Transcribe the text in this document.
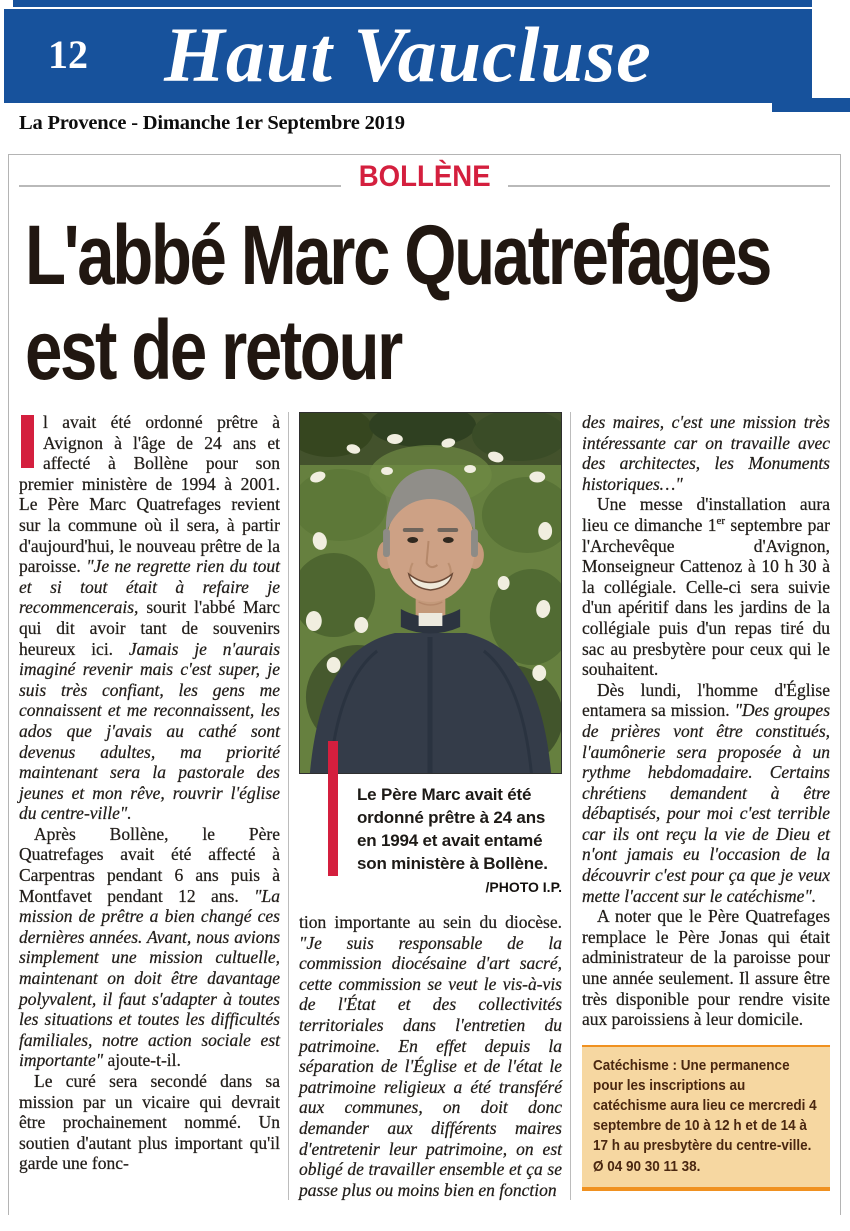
12 Haut Vaucluse
La Provence - Dimanche 1er Septembre 2019
BOLLÈNE
L'abbé Marc Quatrefages
est de retour

I	l avait été ordonné prêtre à Avignon à l'âge de 24 ans et affecté à Bollène pour son premier ministère de 1994 à 2001. Le Père Marc Quatrefages revient sur la commune où il sera, à partir d'aujourd'hui, le nouveau prêtre de la paroisse. "Je ne regrette rien du tout et si tout était à refaire je recommencerais, sourit l'abbé Marc qui dit avoir tant de souvenirs heureux ici. Jamais je n'aurais imaginé revenir mais c'est super, je suis très confiant, les gens me connaissent et me reconnaissent, les ados que j'avais au cathé sont devenus adultes, ma priorité maintenant sera la pastorale des jeunes et mon rêve, rouvrir l'église du centre-ville".

Après Bollène, le Père Quatrefages avait été affecté à Carpentras pendant 6 ans puis à Montfavet pendant 12 ans. "La mission de prêtre a bien changé ces dernières années. Avant, nous avions simplement une mission cultuelle, maintenant on doit être davantage polyvalent, il faut s'adapter à toutes les situations et toutes les difficultés familiales, notre action sociale est importante" ajoute-t-il.

Le curé sera secondé dans sa mission par un vicaire qui devrait être prochainement nommé. Un soutien d'autant plus important qu'il garde une fonc-

Le Père Marc avait été ordonné prêtre à 24 ans en 1994 et avait entamé son ministère à Bollène.
/PHOTO I.P.

tion importante au sein du diocèse. "Je suis responsable de la commission diocésaine d'art sacré, cette commission se veut le vis-à-vis de l'État et des collectivités territoriales dans l'entretien du patrimoine. En effet depuis la séparation de l'Église et de l'état le patrimoine religieux a été transféré aux communes, on doit donc demander aux différents maires d'entretenir leur patrimoine, on est obligé de travailler ensemble et ça se passe plus ou moins bien en fonction

des maires, c'est une mission très intéressante car on travaille avec des architectes, les Monuments historiques…"

Une messe d'installation aura lieu ce dimanche 1er septembre par l'Archevêque d'Avignon, Monseigneur Cattenoz à 10 h 30 à la collégiale. Celle-ci sera suivie d'un apéritif dans les jardins de la collégiale puis d'un repas tiré du sac au presbytère pour ceux qui le souhaitent.

Dès lundi, l'homme d'Église entamera sa mission. "Des groupes de prières vont être constitués, l'aumônerie sera proposée à un rythme hebdomadaire. Certains chrétiens demandent à être débaptisés, pour moi c'est terrible car ils ont reçu la vie de Dieu et n'ont jamais eu l'occasion de la découvrir c'est pour ça que je veux mette l'accent sur le catéchisme".

A noter que le Père Quatrefages remplace le Père Jonas qui était administrateur de la paroisse pour une année seulement. Il assure être très disponible pour rendre visite aux paroissiens à leur domicile.

Catéchisme : Une permanence pour les inscriptions au catéchisme aura lieu ce mercredi 4 septembre de 10 à 12 h et de 14 à 17 h au presbytère du centre-ville.
Ø 04 90 30 11 38.
